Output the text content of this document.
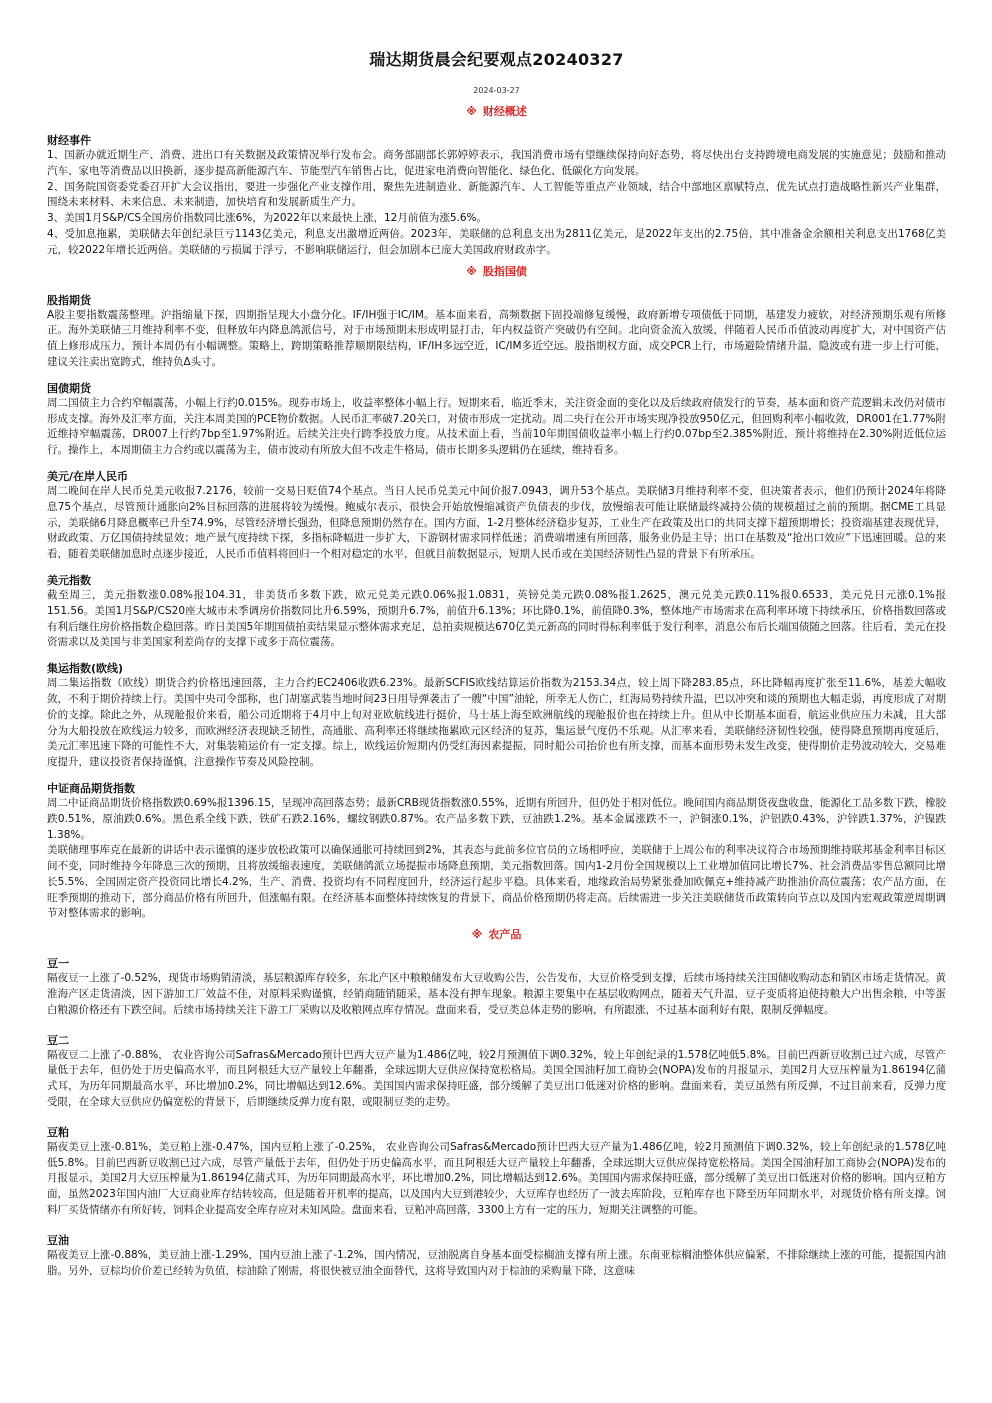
瑞达期货晨会纪要观点20240327
2024-03-27
※ 财经概述
财经事件

1、国新办就近期生产、消费、进出口有关数据及政策情况举行发布会。商务部副部长郭婷婷表示，我国消费市场有望继续保持向好态势，将尽快出台支持跨境电商发展的实施意见；鼓励和推动汽车、家电等消费品以旧换新，逐步提高新能源汽车、节能型汽车销售占比，促进家电消费向智能化、绿色化、低碳化方向发展。

2、国务院国资委党委召开扩大会议指出，要进一步强化产业支撑作用，聚焦先进制造业、新能源汽车、人工智能等重点产业领域，结合中部地区禀赋特点，优先试点打造战略性新兴产业集群，围绕未来材料、未来信息、未来制造，加快培育和发展新质生产力。

3、美国1月S&P/CS全国房价指数同比涨6%，为2022年以来最快上涨，12月前值为涨5.6%。

4、受加息拖累，美联储去年创纪录巨亏1143亿美元，利息支出激增近两倍。2023年，美联储的总利息支出为2811亿美元，是2022年支出的2.75倍，其中准备金余额相关利息支出1768亿美元，较2022年增长近两倍。美联储的亏损属于浮亏，不影响联储运行，但会加剧本已庞大美国政府财政赤字。

※ 股指国债
股指期货

A股主要指数震荡整理。沪指缩量下探，四期指呈现大小盘分化。IF/IH强于IC/IM。基本面来看，高频数据下固投端修复缓慢，政府新增专项债低于同期，基建发力疲软，对经济预期乐观有所修正。海外美联储三月维持利率不变，但释放年内降息鸽派信号，对于市场预期未形成明显打击，年内权益资产突破仍有空间。北向资金流入放缓，伴随着人民币币值波动再度扩大，对中国资产估值上修形成压力，预计本周仍有小幅调整。策略上，跨期策略推荐顺期限结构，IF/IH多远空近，IC/IM多近空远。股指期权方面，成交PCR上行，市场避险情绪升温，隐波或有进一步上行可能，建议关注卖出宽跨式，维持负Δ头寸。

国债期货

周二国债主力合约窄幅震荡，小幅上行约0.015%。现券市场上，收益率整体小幅上行。短期来看，临近季末，关注资金面的变化以及后续政府债发行的节奏，基本面和资产荒逻辑未改仍对债市形成支撑。海外及汇率方面，关注本周美国的PCE物价数据。人民币汇率破7.20关口，对债市形成一定扰动。周二央行在公开市场实现净投放950亿元，但回购利率小幅收敛，DR001在1.77%附近维持窄幅震荡，DR007上行约7bp至1.97%附近。后续关注央行跨季投放力度。从技术面上看，当前10年期国债收益率小幅上行约0.07bp至2.385%附近，预计将维持在2.30%附近低位运行。操作上，本周期债主力合约或以震荡为主，债市波动有所放大但不改走牛格局，债市长期多头逻辑仍在延续，维持看多。

美元/在岸人民币

周二晚间在岸人民币兑美元收报7.2176，较前一交易日贬值74个基点。当日人民币兑美元中间价报7.0943，调升53个基点。美联储3月维持利率不变，但决策者表示，他们仍预计2024年将降息75个基点，尽管预计通胀向2%目标回落的进展将较为缓慢。鲍威尔表示，很快会开始放慢缩减资产负债表的步伐，放慢缩表可能让联储最终减持公债的规模超过之前的预期。据CME工具显示，美联储6月降息概率已升至74.9%，尽管经济增长强劲，但降息预期仍然存在。国内方面，1-2月整体经济稳步复苏，工业生产在政策及出口的共同支撑下超预期增长；投资端基建表现优异，财政政策、万亿国债持续显效；地产景气度持续下探，多指标降幅进一步扩大，下游钢材需求同样低迷；消费端增速有所回落，服务业仍是主导；出口在基数及“抢出口效应”下迅速回暖。总的来看，随着美联储加息时点逐步接近，人民币币值料将回归一个相对稳定的水平，但就目前数据显示，短期人民币或在美国经济韧性凸显的背景下有所承压。

美元指数

截至周三，美元指数涨0.08%报104.31，非美货币多数下跌，欧元兑美元跌0.06%报1.0831，英镑兑美元跌0.08%报1.2625，澳元兑美元跌0.11%报0.6533，美元兑日元涨0.1%报151.56。美国1月S&P/CS20座大城市未季调房价指数同比升6.59%，预期升6.7%，前值升6.13%；环比降0.1%，前值降0.3%，整体地产市场需求在高利率环境下持续承压，价格指数回落或有利后继住房价格指数企稳回落。昨日美国5年期国债拍卖结果显示整体需求充足，总拍卖规模达670亿美元新高的同时得标利率低于发行利率，消息公布后长端国债随之回落。往后看，美元在投资需求以及美国与非美国家利差尚存的支撑下或多于高位震荡。

集运指数(欧线)

周二集运指数（欧线）期货合约价格迅速回落，主力合约EC2406收跌6.23%。最新SCFIS欧线结算运价指数为2153.34点，较上周下降283.85点，环比降幅再度扩张至11.6%，基差大幅收敛，不利于期价持续上行。美国中央司令部称，也门胡塞武装当地时间23日用导弹袭击了一艘“中国”油轮，所幸无人伤亡，红海局势持续升温，巴以冲突和谈的预期也大幅走弱，再度形成了对期价的支撑。除此之外，从现舱报价来看，船公司近期将于4月中上旬对亚欧航线进行挺价，马士基上海至欧洲航线的现舱报价也在持续上升。但从中长期基本面看，航运业供应压力未减，且大部分为大船投放在欧线运力较多，而欧洲经济表现缺乏韧性，高通胀、高利率还将继续拖累欧元区经济的复苏，集运景气度仍不乐观。从汇率来看，美联储经济韧性较强，使得降息预期再度延后，美元汇率迅速下降的可能性不大，对集装箱运价有一定支撑。综上，欧线运价短期内仍受红海因素提振，同时船公司抬价也有所支撑，而基本面形势未发生改变，使得期价走势波动较大，交易难度提升，建议投资者保持谨慎，注意操作节奏及风险控制。

中证商品期货指数

周二中证商品期货价格指数跌0.69%报1396.15，呈现冲高回落态势；最新CRB现货指数涨0.55%，近期有所回升，但仍处于相对低位。晚间国内商品期货夜盘收盘，能源化工品多数下跌，橡胶跌0.51%，原油跌0.6%。黑色系全线下跌，铁矿石跌2.16%，螺纹钢跌0.87%。农产品多数下跌，豆油跌1.2%。基本金属涨跌不一，沪铜涨0.1%，沪铝跌0.43%，沪锌跌1.37%，沪镍跌1.38%。

美联储理事库克在最新的讲话中表示谨慎的逐步放松政策可以确保通胀可持续回到2%，其表态与此前多位官员的立场相呼应，美联储于上周公布的利率决议符合市场预期维持联邦基金利率目标区间不变，同时维持今年降息三次的预期，且将放缓缩表速度，美联储鸽派立场提振市场降息预期，美元指数回落。国内1-2月份全国规模以上工业增加值同比增长7%、社会消费品零售总额同比增长5.5%、全国固定资产投资同比增长4.2%，生产、消费、投资均有不同程度回升，经济运行起步平稳。具体来看，地缘政治局势紧张叠加欧佩克+维持减产助推油价高位震荡；农产品方面，在旺季预期的推动下，部分商品价格有所回升，但涨幅有限。在经济基本面整体持续恢复的背景下，商品价格预期仍将走高。后续需进一步关注美联储货币政策转向节点以及国内宏观政策逆周期调节对整体需求的影响。

※ 农产品
豆一

隔夜豆一上涨了-0.52%，现货市场购销清淡，基层粮源库存较多，东北产区中粮粮储发布大豆收购公告，公告发布，大豆价格受到支撑，后续市场持续关注国储收购动态和销区市场走货情况。黄淮海产区走货清淡，因下游加工厂效益不佳，对原料采购谨慎，经销商随销随采，基本没有押车现象。粮源主要集中在基层收购网点，随着天气升温，豆子变质将迫使持粮大户出售余粮，中等蛋白粮源价格还有下跌空间。后续市场持续关注下游工厂采购以及收粮网点库存情况。盘面来看，受豆类总体走势的影响，有所跟涨，不过基本面利好有限，限制反弹幅度。

豆二

隔夜豆二上涨了-0.88%， 农业咨询公司Safras&Mercado预计巴西大豆产量为1.486亿吨，较2月预测值下调0.32%，较上年创纪录的1.578亿吨低5.8%。目前巴西新豆收割已过六成，尽管产量低于去年，但仍处于历史偏高水平，而且阿根廷大豆产量较上年翻番，全球远期大豆供应保持宽松格局。美国全国油籽加工商协会(NOPA)发布的月报显示，美国2月大豆压榨量为1.86194亿蒲式耳，为历年同期最高水平，环比增加0.2%，同比增幅达到12.6%。美国国内需求保持旺盛，部分缓解了美豆出口低迷对价格的影响。盘面来看，美豆虽然有所反弹，不过目前来看，反弹力度受限，在全球大豆供应仍偏宽松的背景下，后期继续反弹力度有限，或限制豆类的走势。

豆粕

隔夜美豆上涨-0.81%，美豆粕上涨-0.47%，国内豆粕上涨了-0.25%， 农业咨询公司Safras&Mercado预计巴西大豆产量为1.486亿吨，较2月预测值下调0.32%，较上年创纪录的1.578亿吨低5.8%。目前巴西新豆收割已过六成，尽管产量低于去年，但仍处于历史偏高水平，而且阿根廷大豆产量较上年翻番，全球远期大豆供应保持宽松格局。美国全国油籽加工商协会(NOPA)发布的月报显示，美国2月大豆压榨量为1.86194亿蒲式耳，为历年同期最高水平，环比增加0.2%，同比增幅达到12.6%。美国国内需求保持旺盛，部分缓解了美豆出口低迷对价格的影响。国内豆粕方面，虽然2023年国内油厂大豆商业库存结转较高，但是随着开机率的提高，以及国内大豆到港较少，大豆库存也经历了一波去库阶段，豆粕库存也下降至历年同期水平，对现货价格有所支撑。饲料厂买货情绪亦有所好转，饲料企业提高安全库存应对未知风险。盘面来看，豆粕冲高回落，3300上方有一定的压力，短期关注调整的可能。

豆油

隔夜美豆上涨-0.88%，美豆油上涨-1.29%，国内豆油上涨了-1.2%，国内情况，豆油脱离自身基本面受棕榈油支撑有所上涨。东南亚棕榈油整体供应偏紧，不排除继续上涨的可能，提振国内油脂。另外，豆棕均价价差已经转为负值，棕油除了刚需，将很快被豆油全面替代，这将导致国内对于棕油的采购量下降，这意味
